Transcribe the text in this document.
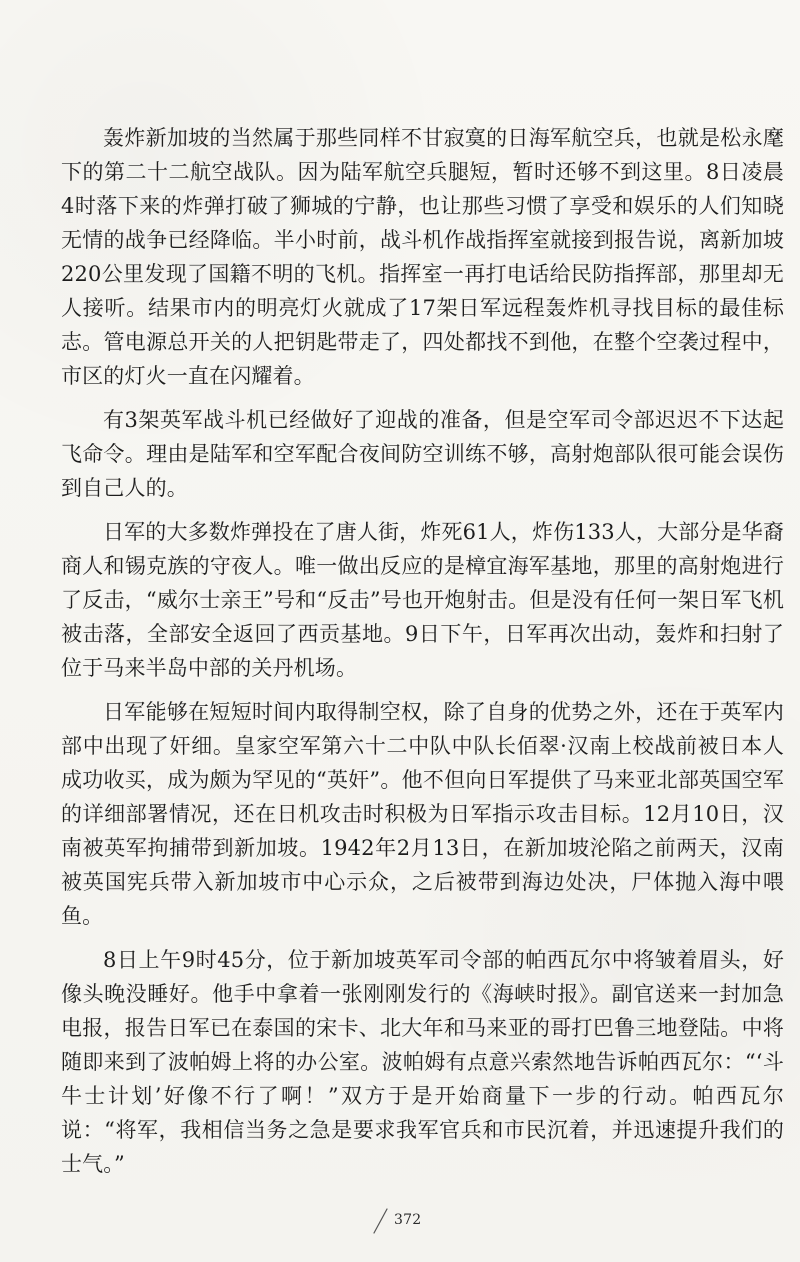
轰炸新加坡的当然属于那些同样不甘寂寞的日海军航空兵，也就是松永麾下的第二十二航空战队。因为陆军航空兵腿短，暂时还够不到这里。8日凌晨4时落下来的炸弹打破了狮城的宁静，也让那些习惯了享受和娱乐的人们知晓无情的战争已经降临。半小时前，战斗机作战指挥室就接到报告说，离新加坡220公里发现了国籍不明的飞机。指挥室一再打电话给民防指挥部，那里却无人接听。结果市内的明亮灯火就成了17架日军远程轰炸机寻找目标的最佳标志。管电源总开关的人把钥匙带走了，四处都找不到他，在整个空袭过程中，市区的灯火一直在闪耀着。

有3架英军战斗机已经做好了迎战的准备，但是空军司令部迟迟不下达起飞命令。理由是陆军和空军配合夜间防空训练不够，高射炮部队很可能会误伤到自己人的。

日军的大多数炸弹投在了唐人街，炸死61人，炸伤133人，大部分是华裔商人和锡克族的守夜人。唯一做出反应的是樟宜海军基地，那里的高射炮进行了反击，“威尔士亲王”号和“反击”号也开炮射击。但是没有任何一架日军飞机被击落，全部安全返回了西贡基地。9日下午，日军再次出动，轰炸和扫射了位于马来半岛中部的关丹机场。

日军能够在短短时间内取得制空权，除了自身的优势之外，还在于英军内部中出现了奸细。皇家空军第六十二中队中队长佰翠·汉南上校战前被日本人成功收买，成为颇为罕见的“英奸”。他不但向日军提供了马来亚北部英国空军的详细部署情况，还在日机攻击时积极为日军指示攻击目标。12月10日，汉南被英军拘捕带到新加坡。1942年2月13日，在新加坡沦陷之前两天，汉南被英国宪兵带入新加坡市中心示众，之后被带到海边处决，尸体抛入海中喂鱼。

8日上午9时45分，位于新加坡英军司令部的帕西瓦尔中将皱着眉头，好像头晚没睡好。他手中拿着一张刚刚发行的《海峡时报》。副官送来一封加急电报，报告日军已在泰国的宋卡、北大年和马来亚的哥打巴鲁三地登陆。中将随即来到了波帕姆上将的办公室。波帕姆有点意兴索然地告诉帕西瓦尔：“‘斗牛士计划’好像不行了啊！”双方于是开始商量下一步的行动。帕西瓦尔说：“将军，我相信当务之急是要求我军官兵和市民沉着，并迅速提升我们的士气。”

372
